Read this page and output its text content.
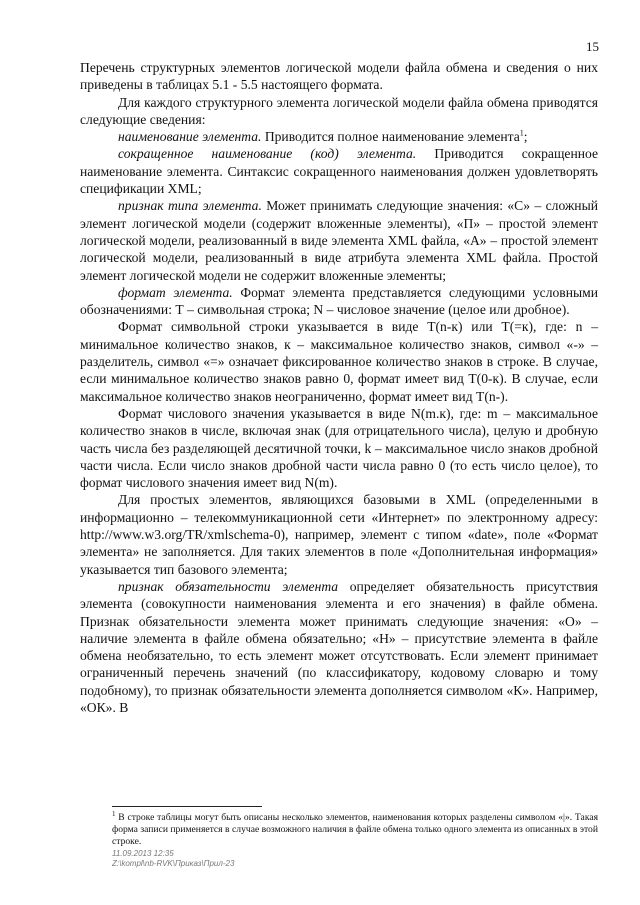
15

Перечень структурных элементов логической модели файла обмена и сведения о них приведены в таблицах 5.1 - 5.5 настоящего формата.

Для каждого структурного элемента логической модели файла обмена приводятся следующие сведения:

наименование элемента. Приводится полное наименование элемента$^1$;

сокращенное наименование (код) элемента. Приводится сокращенное наименование элемента. Синтаксис сокращенного наименования должен удовлетворять спецификации XML;

признак типа элемента. Может принимать следующие значения: «С» – сложный элемент логической модели (содержит вложенные элементы), «П» – простой элемент логической модели, реализованный в виде элемента XML файла, «А» – простой элемент логической модели, реализованный в виде атрибута элемента XML файла. Простой элемент логической модели не содержит вложенные элементы;

формат элемента. Формат элемента представляется следующими условными обозначениями: Т – символьная строка; N – числовое значение (целое или дробное).

Формат символьной строки указывается в виде Т(n-к) или Т(=к), где: n – минимальное количество знаков, к – максимальное количество знаков, символ «-» – разделитель, символ «=» означает фиксированное количество знаков в строке. В случае, если минимальное количество знаков равно 0, формат имеет вид Т(0-к). В случае, если максимальное количество знаков неограниченно, формат имеет вид Т(n-).

Формат числового значения указывается в виде N(m.к), где: m – максимальное количество знаков в числе, включая знак (для отрицательного числа), целую и дробную часть числа без разделяющей десятичной точки, k – максимальное число знаков дробной части числа. Если число знаков дробной части числа равно 0 (то есть число целое), то формат числового значения имеет вид N(m).

Для простых элементов, являющихся базовыми в XML (определенными в информационно – телекоммуникационной сети «Интернет» по электронному адресу: http://www.w3.org/TR/xmlschema-0), например, элемент с типом «date», поле «Формат элемента» не заполняется. Для таких элементов в поле «Дополнительная информация» указывается тип базового элемента;

признак обязательности элемента определяет обязательность присутствия элемента (совокупности наименования элемента и его значения) в файле обмена. Признак обязательности элемента может принимать следующие значения: «О» – наличие элемента в файле обмена обязательно; «Н» – присутствие элемента в файле обмена необязательно, то есть элемент может отсутствовать. Если элемент принимает ограниченный перечень значений (по классификатору, кодовому словарю и тому подобному), то признак обязательности элемента дополняется символом «К». Например, «ОК». В

$^1$ В строке таблицы могут быть описаны несколько элементов, наименования которых разделены символом «|». Такая форма записи применяется в случае возможного наличия в файле обмена только одного элемента из описанных в этой строке.
11.09.2013 12:35
Z:\kompl\nb-RVK\Приказ\Прил-23
